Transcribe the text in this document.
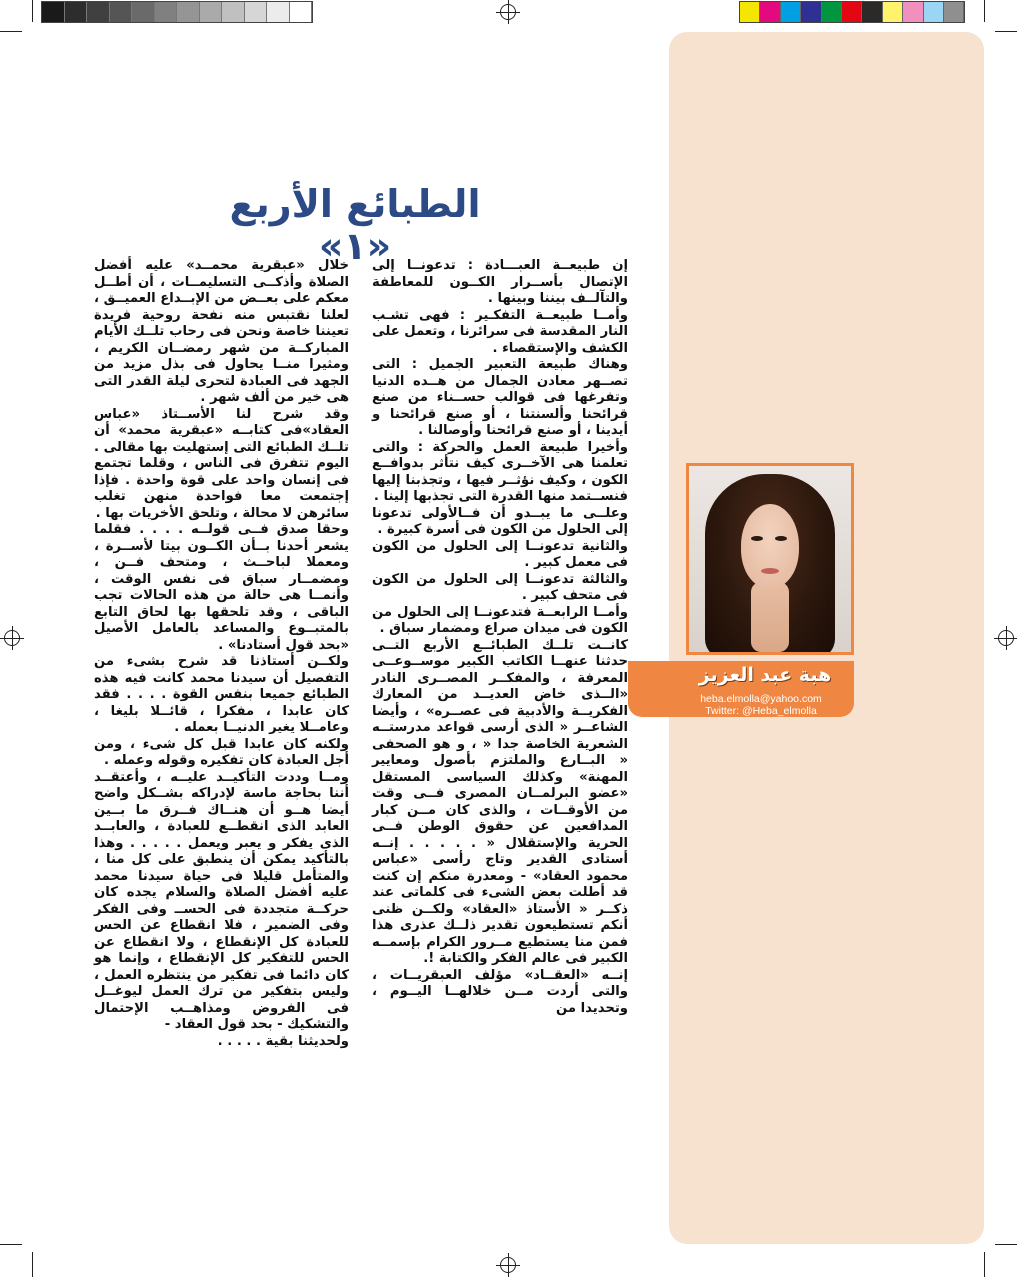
هبة عبد العزيز
heba.elmolla@yahoo.com
Twitter: @Heba_elmolla
الطبائع الأربع «١»

إن طبيعــة العبـــادة : تدعونــا إلى الإتصال بأســرار الكــون للمعاطفة والتآلــف بيننا وبينها .

وأمــا طبيعــة التفكـير : فهى تشـب النار المقدسة فى سرائرنا ، وتعمل على الكشف والإستقصاء .

وهناك طبيعة التعبير الجميل : التى تصــهر معادن الجمال من هــده الدنيا وتفرغها فى قوالب حســناء من صنع قرائحنا وألسنتنا ، أو صنع قرائحنا و أيدينا ، أو صنع قرائحنا وأوصالنا .

وأخيرا طبيعة العمل والحركة : والتى تعلمنا هى الآخــرى كيف نتأثر بدوافــع الكون ، وكيف نؤثــر فيها ، وتجذبنا إليها فنســتمد منها القدرة التى تجذبها إلينا .

وعلــى ما يبــدو أن فــالأولى تدعونا إلى الحلول من الكون فى أسرة كبيرة .

والثانية تدعونــا إلى الحلول من الكون فى معمل كبير .

والثالثة تدعونــا إلى الحلول من الكون فى متحف كبير .

وأمــا الرابعــة فتدعونــا إلى الحلول من الكون فى ميدان صراع ومضمار سباق .

كانــت تلــك الطبائــع الأربع التــى حدثنا عنهــا الكاتب الكبير موســوعــى المعرفة ، والمفكــر المصــرى النادر «الــذى خاض العديــد من المعارك الفكريــة والأدبية فى عصــره» ، وأيضا الشاعــر « الذى أرسى قواعد مدرستــه الشعرية الخاصة جدا « ، و هو الصحفى « البــارع والملتزم بأصول ومعايير المهنة» وكذلك السياسى المستقل «عضو البرلمــان المصرى فــى وقت من الأوقــات ، والذى كان مــن كبار المدافعين عن حقوق الوطن فــى الحرية والإستقلال « . . . . . إنــه أستادى القدير وتاج رأسى «عباس محمود العقاد» - ومعدرة منكم إن كنت قد أطلت بعض الشىء فى كلماتى عند ذكــر « الأستاذ «العقاد» ولكــن ظنى أنكم تستطيعون تقدير ذلــك عذرى هذا فمن منا يستطيع مــرور الكرام بإسمــه الكبير فى عالم الفكر والكتابة !.

إنــه «العقــاد» مؤلف العبقريــات ، والتى أردت مــن خلالهــا اليــوم ، وتحديدا من

خلال «عبقرية محمــد» عليه أفضل الصلاة وأذكــى التسليمــات ، أن أطــل معكم على بعــض من الإبــداع العميــق ، لعلنا نقتبس منه نفحة روحية فريدة تعيننا خاصة ونحن فى رحاب تلــك الأيام المباركــة من شهر رمضــان الكريم ، ومثيرا منــا يحاول فى بذل مزيد من الجهد فى العبادة لتحرى ليلة القدر التى هى خير من ألف شهر .

وقد شرح لنا الأســتاذ «عباس العقاد»فى كتابــه «عبقرية محمد» أن تلــك الطبائع التى إستهليت بها مقالى . اليوم تتفرق فى الناس ، وقلما تجتمع فى إنسان واحد على قوة واحدة . فإذا إجتمعت معا فواحدة منهن تغلب سائرهن لا محالة ، وتلحق الأخريات بها .

وحقا صدق فــى قولــه . . . . فقلما يشعر أحدنا بــأن الكــون بيتا لأســرة ، ومعملا لباحــث ، ومتحف فــن ، ومضمــار سباق فى نفس الوقت ، وأنمــا هى حالة من هذه الحالات تجب الباقى ، وقد تلحقها بها لحاق التابع بالمتبــوع والمساعد بالعامل الأصيل «بحد قول أستادنا» .

ولكــن أستاذنا قد شرح بشىء من التفصيل أن سيدنا محمد كانت فيه هذه الطبائع جميعا بنفس القوة . . . . فقد كان عابدا ، مفكرا ، قائــلا بليغا ، وعامــلا يغير الدنيــا بعمله .

ولكنه كان عابدا قبل كل شىء ، ومن أجل العبادة كان تفكيره وقوله وعمله .

ومــا وددت التأكيــد عليــه ، وأعتقــد أننا بحاجة ماسة لإدراكه بشــكل واضح أيضا هــو أن هنــاك فــرق ما بــين العابد الذى انقطــع للعبادة ، والعابــد الذى يفكر و يعبر ويعمل . . . . . وهذا بالتأكيد يمكن أن ينطبق على كل منا ، والمتأمل قليلا فى حياة سيدنا محمد عليه أفضل الصلاة والسلام يجده كان حركــة متجددة فى الحســ وفى الفكر وفى الضمير ، فلا انقطاع عن الحس للعبادة كل الإنقطاع ، ولا انقطاع عن الحس للتفكير كل الإنقطاع ، وإنما هو كان دائما فى تفكير من ينتظره العمل ، وليس بتفكير من ترك العمل ليوغــل فى الفروض ومذاهــب الإحتمال والتشكيك - بحد قول العقاد -

ولحديثنا بقية . . . . .
